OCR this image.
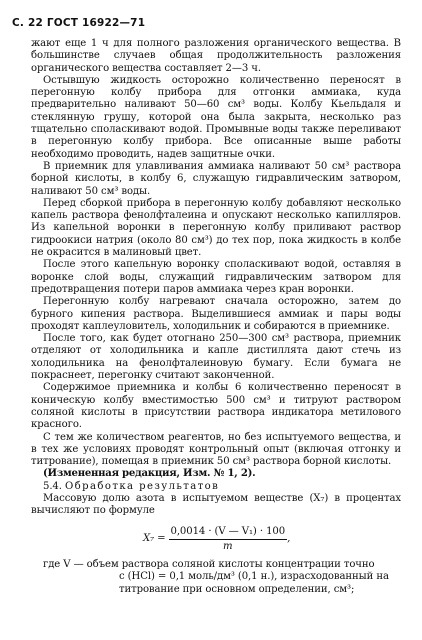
С. 22 ГОСТ 16922—71

жают еще 1 ч для полного разложения органического вещества. В большинстве случаев общая продолжительность разложения органического вещества составляет 2—3 ч.

Остывшую жидкость осторожно количественно переносят в перегонную колбу прибора для отгонки аммиака, куда предварительно наливают 50—60 см³ воды. Колбу Кьельдаля и стеклянную грушу, которой она была закрыта, несколько раз тщательно споласкивают водой. Промывные воды также переливают в перегонную колбу прибора. Все описанные выше работы необходимо проводить, надев защитные очки.

В приемник для улавливания аммиака наливают 50 см³ раствора борной кислоты, в колбу 6, служащую гидравлическим затвором, наливают 50 см³ воды.

Перед сборкой прибора в перегонную колбу добавляют несколько капель раствора фенолфталеина и опускают несколько капилляров. Из капельной воронки в перегонную колбу приливают раствор гидроокиси натрия (около 80 см³) до тех пор, пока жидкость в колбе не окрасится в малиновый цвет.

После этого капельную воронку споласкивают водой, оставляя в воронке слой воды, служащий гидравлическим затвором для предотвращения потери паров аммиака через кран воронки.

Перегонную колбу нагревают сначала осторожно, затем до бурного кипения раствора. Выделившиеся аммиак и пары воды проходят каплеуловитель, холодильник и собираются в приемнике.

После того, как будет отогнано 250—300 см³ раствора, приемник отделяют от холодильника и капле дистиллята дают стечь из холодильника на фенолфталеиновую бумагу. Если бумага не покраснеет, перегонку считают законченной.

Содержимое приемника и колбы 6 количественно переносят в коническую колбу вместимостью 500 см³ и титруют раствором соляной кислоты в присутствии раствора индикатора метилового красного.

С тем же количеством реагентов, но без испытуемого вещества, и в тех же условиях проводят контрольный опыт (включая отгонку и титрование), помещая в приемник 50 см³ раствора борной кислоты.

(Измененная редакция, Изм. № 1, 2).

5.4. Обработка результатов

Массовую долю азота в испытуемом веществе (X₇) в процентах вычисляют по формуле

$X_7 = \frac{\text{0,0014 · (V — V₁) · 100}}{m}$ ,

где V — объем раствора соляной кислоты концентрации точно

c (HCl) = 0,1 моль/дм³ (0,1 н.), израсходованный на

титрование при основном определении, см³;
